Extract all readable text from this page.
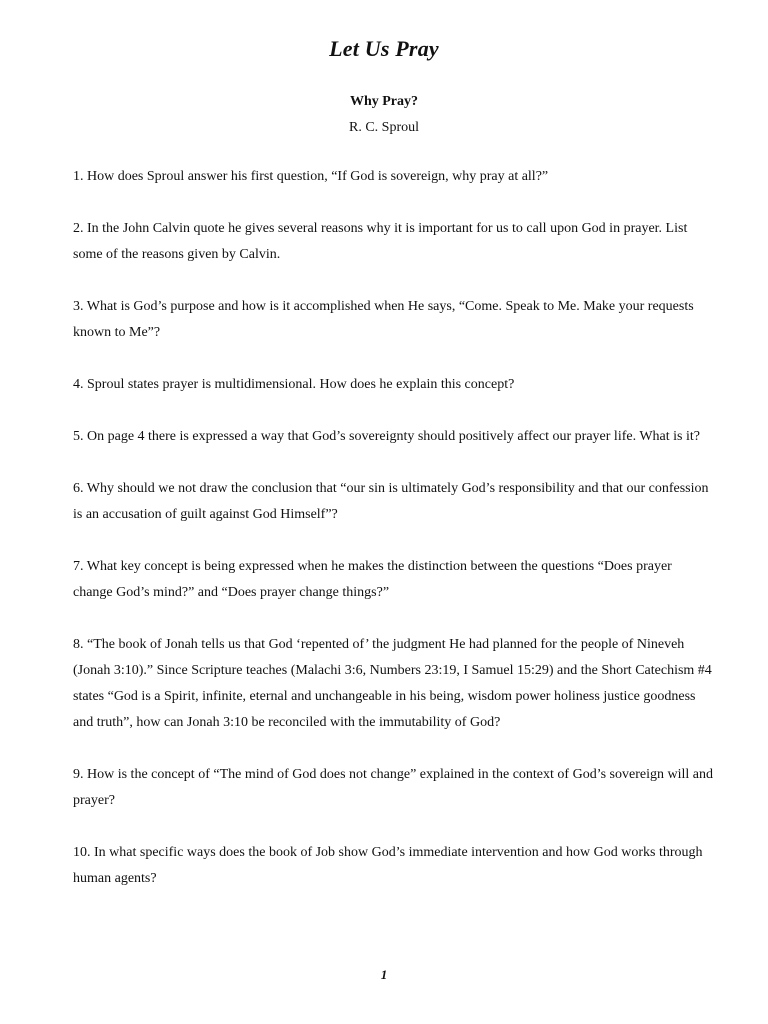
Let Us Pray
Why Pray?
R. C. Sproul
1. How does Sproul answer his first question, “If God is sovereign, why pray at all?”
2. In the John Calvin quote he gives several reasons why it is important for us to call upon God in prayer. List some of the reasons given by Calvin.
3. What is God’s purpose and how is it accomplished when He says, “Come. Speak to Me. Make your requests known to Me”?
4. Sproul states prayer is multidimensional. How does he explain this concept?
5. On page 4 there is expressed a way that God’s sovereignty should positively affect our prayer life. What is it?
6. Why should we not draw the conclusion that “our sin is ultimately God’s responsibility and that our confession is an accusation of guilt against God Himself”?
7. What key concept is being expressed when he makes the distinction between the questions “Does prayer change God’s mind?” and “Does prayer change things?”
8. “The book of Jonah tells us that God ‘repented of’ the judgment He had planned for the people of Nineveh (Jonah 3:10).” Since Scripture teaches (Malachi 3:6, Numbers 23:19, I Samuel 15:29) and the Short Catechism #4 states “God is a Spirit, infinite, eternal and unchangeable in his being, wisdom power holiness justice goodness and truth”, how can Jonah 3:10 be reconciled with the immutability of God?
9. How is the concept of “The mind of God does not change” explained in the context of God’s sovereign will and prayer?
10. In what specific ways does the book of Job show God’s immediate intervention and how God works through human agents?
1
